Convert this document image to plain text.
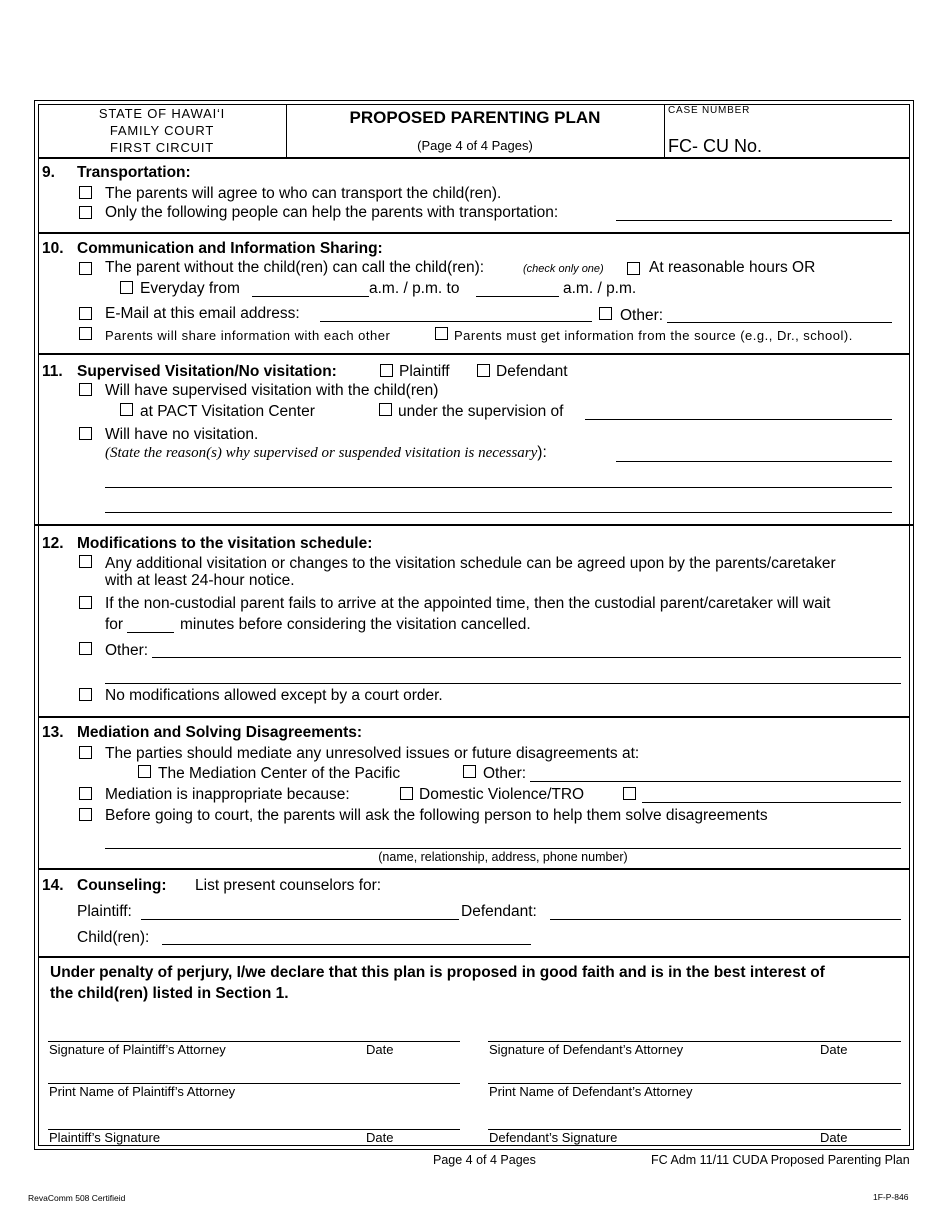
STATE OF HAWAI‘I
FAMILY COURT
FIRST CIRCUIT
PROPOSED PARENTING PLAN
(Page 4 of 4 Pages)
CASE NUMBER
FC- CU No.
9. Transportation:
The parents will agree to who can transport the child(ren).
Only the following people can help the parents with transportation:
10. Communication and Information Sharing:
The parent without the child(ren) can call the child(ren):	(check only one)	At reasonable hours OR
Everyday from	a.m. / p.m. to	a.m. / p.m.
E-Mail at this email address:	Other:
Parents will share information with each other	Parents must get information from the source (e.g., Dr., school).
11. Supervised Visitation/No visitation:	Plaintiff	Defendant
Will have supervised visitation with the child(ren)
at PACT Visitation Center	under the supervision of
Will have no visitation.
(State the reason(s) why supervised or suspended visitation is necessary):
12. Modifications to the visitation schedule:
Any additional visitation or changes to the visitation schedule can be agreed upon by the parents/caretaker
with at least 24-hour notice.
If the non-custodial parent fails to arrive at the appointed time, then the custodial parent/caretaker will wait
for	minutes before considering the visitation cancelled.
Other:
No modifications allowed except by a court order.
13. Mediation and Solving Disagreements:
The parties should mediate any unresolved issues or future disagreements at:
The Mediation Center of the Pacific	Other:
Mediation is inappropriate because:	Domestic Violence/TRO
Before going to court, the parents will ask the following person to help them solve disagreements
(name, relationship, address, phone number)
14. Counseling: List present counselors for:
Plaintiff:	Defendant:
Child(ren):
Under penalty of perjury, I/we declare that this plan is proposed in good faith and is in the best interest of
the child(ren) listed in Section 1.
Signature of Plaintiff’s Attorney	Date	Signature of Defendant’s Attorney	Date
Print Name of Plaintiff’s Attorney	Print Name of Defendant’s Attorney
Plaintiff’s Signature	Date	Defendant’s Signature	Date
Page 4 of 4 Pages	FC Adm 11/11 CUDA Proposed Parenting Plan
RevaComm 508 Certifieid	1F-P-846
